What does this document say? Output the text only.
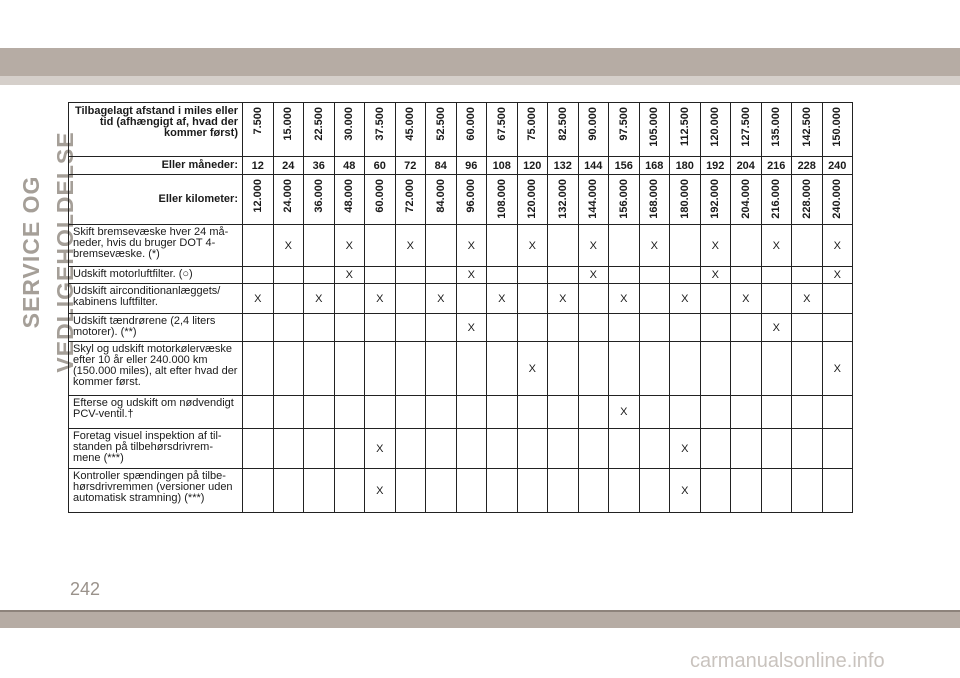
SERVICE OG VEDLIGEHOLDELSE
Tilbagelagt afstand i miles eller tid (afhængigt af, hvad der kommer først)	7.500	15.000	22.500	30.000	37.500	45.000	52.500	60.000	67.500	75.000	82.500	90.000	97.500	105.000	112.500	120.000	127.500	135.000	142.500	150.000

Eller måneder:	12	24	36	48	60	72	84	96	108	120	132	144	156	168	180	192	204	216	228	240
Eller kilometer:	12.000	24.000	36.000	48.000	60.000	72.000	84.000	96.000	108.000	120.000	132.000	144.000	156.000	168.000	180.000	192.000	204.000	216.000	228.000	240.000

Skift bremsevæske hver 24 må-neder, hvis du bruger DOT 4-bremsevæske. (*)		X		X		X		X		X		X		X		X		X		X
Udskift motorluftfilter. (○)				X				X				X				X				X
Udskift airconditionanlæggets/ kabinens luftfilter.	X		X		X		X		X		X		X		X		X		X	
Udskift tændrørene (2,4 liters motorer). (**)								X										X		
Skyl og udskift motorkølervæske efter 10 år eller 240.000 km (150.000 miles), alt efter hvad der kommer først.										X										X
Efterse og udskift om nødvendigt PCV-ventil.†													X							
Foretag visuel inspektion af til-standen på tilbehørsdrivrem-mene (***)					X										X					
Kontroller spændingen på tilbe-hørsdrivremmen (versioner uden automatisk stramning) (***)					X										X					
242
carmanualsonline.info
